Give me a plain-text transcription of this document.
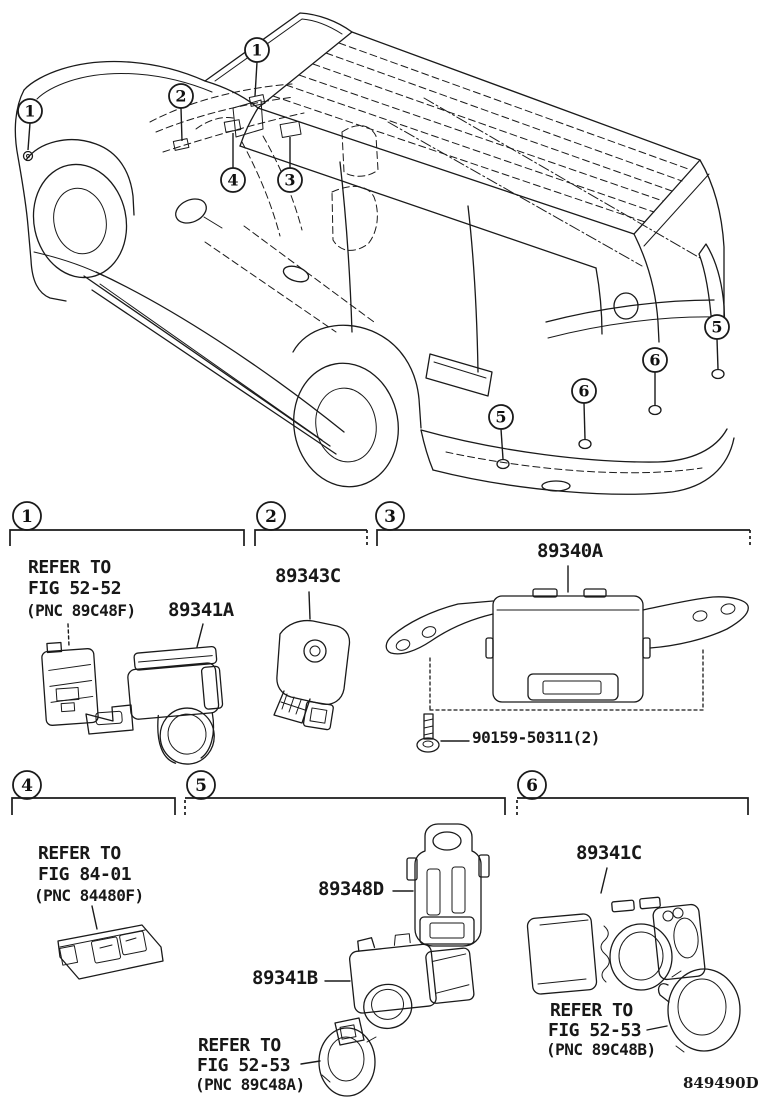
1
2
1
4	3
5
6
6
5
1	2	3
4	5	6
REFER TO
FIG 52-52
(PNC 89C48F) 89341A
89343C
89340A
90159-50311(2)
REFER TO
FIG 84-01
(PNC 84480F)	89348D
89341B
REFER TO
FIG 52-53
(PNC 89C48A)
89341C
REFER TO
FIG 52-53
(PNC 89C48B)
849490D
